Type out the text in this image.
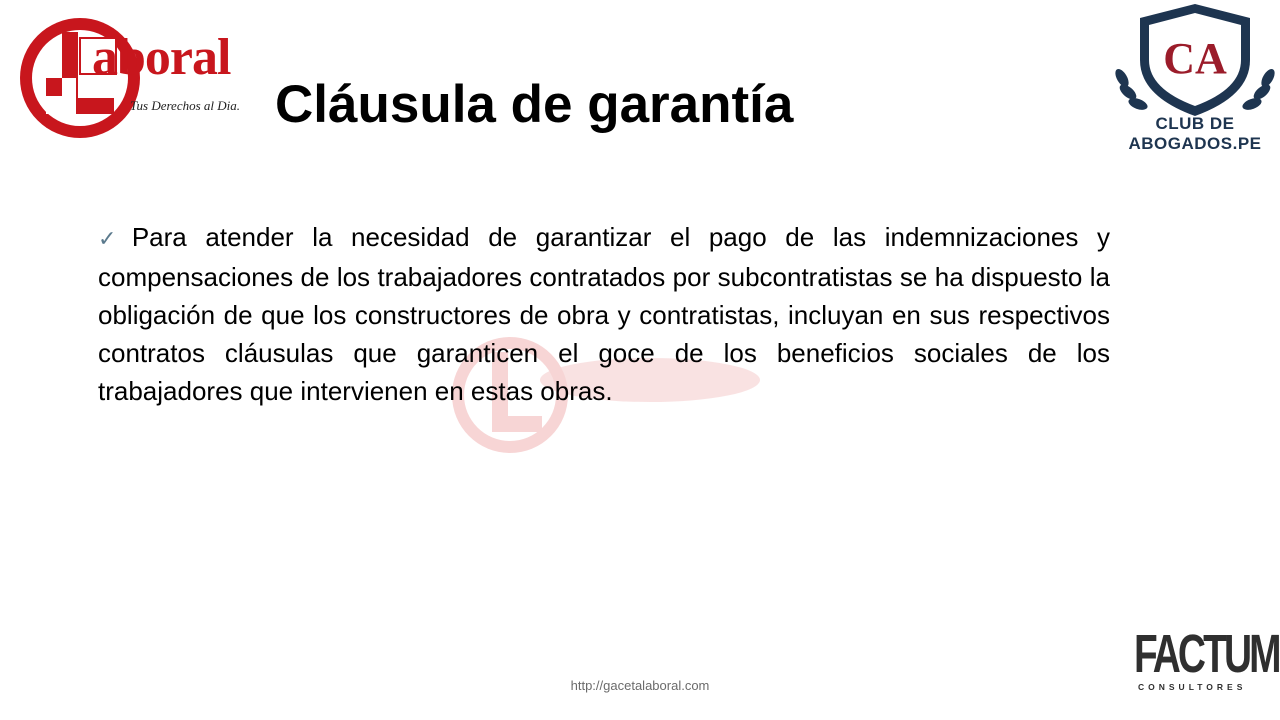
aboral
Tus Derechos al Dia. Cláusula de garantía
CA
CLUB DE
ABOGADOS.PE
✓ Para atender la necesidad de garantizar el pago de las indemnizaciones y compensaciones de los trabajadores contratados por subcontratistas se ha dispuesto la obligación de que los constructores de obra y contratistas, incluyan en sus respectivos contratos cláusulas que garanticen el goce de los beneficios sociales de los trabajadores que intervienen en estas obras.
http://gacetalaboral.com
FACTUM
CONSULTORES
